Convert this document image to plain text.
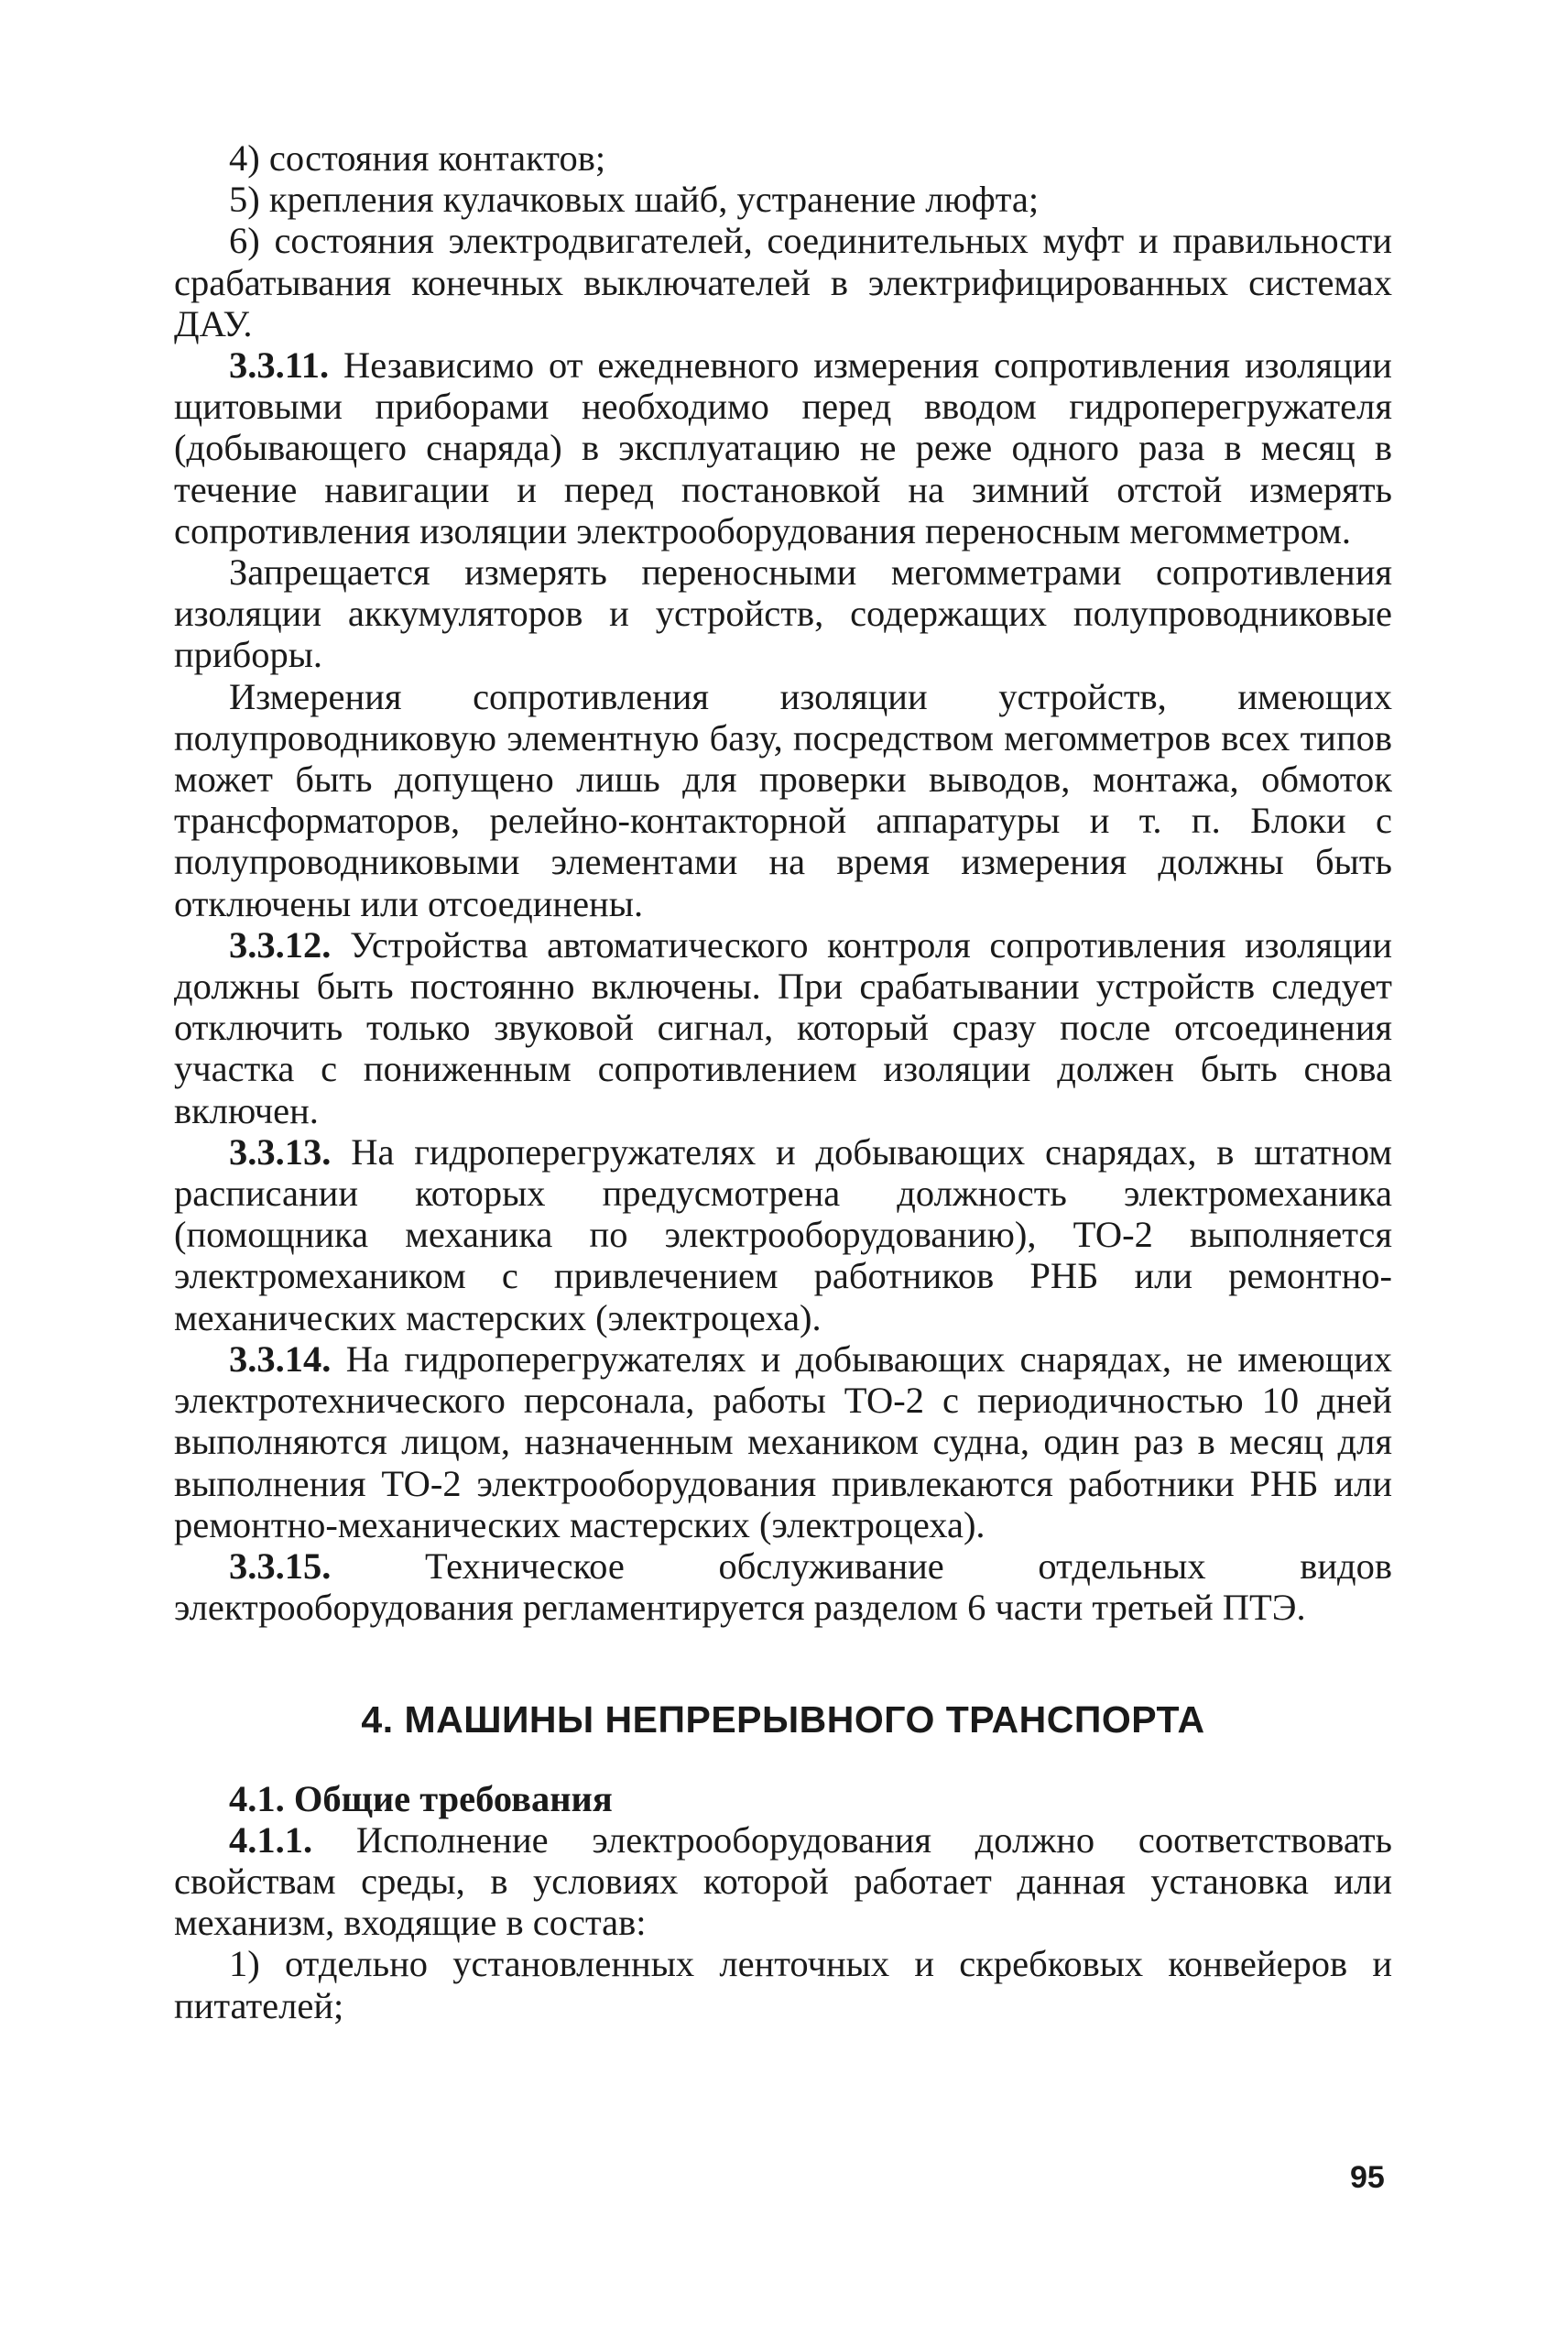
4) состояния контактов;

5) крепления кулачковых шайб, устранение люфта;

6) состояния электродвигателей, соединительных муфт и правильности срабатывания конечных выключателей в электрифицированных системах ДАУ.

3.3.11. Независимо от ежедневного измерения сопротивления изоляции щитовыми приборами необходимо перед вводом гидроперегружателя (добывающего снаряда) в эксплуатацию не реже одного раза в месяц в течение навигации и перед постановкой на зимний отстой измерять сопротивления изоляции электрооборудования переносным мегомметром.

Запрещается измерять переносными мегомметрами сопротивления изоляции аккумуляторов и устройств, содержащих полупроводниковые приборы.

Измерения сопротивления изоляции устройств, имеющих полупроводниковую элементную базу, посредством мегомметров всех типов может быть допущено лишь для проверки выводов, монтажа, обмоток трансформаторов, релейно-контакторной аппаратуры и т. п. Блоки с полупроводниковыми элементами на время измерения должны быть отключены или отсоединены.

3.3.12. Устройства автоматического контроля сопротивления изоляции должны быть постоянно включены. При срабатывании устройств следует отключить только звуковой сигнал, который сразу после отсоединения участка с пониженным сопротивлением изоляции должен быть снова включен.

3.3.13. На гидроперегружателях и добывающих снарядах, в штатном расписании которых предусмотрена должность электромеханика (помощника механика по электрооборудованию), ТО-2 выполняется электромехаником с привлечением работников РНБ или ремонтно-механических мастерских (электроцеха).

3.3.14. На гидроперегружателях и добывающих снарядах, не имеющих электротехнического персонала, работы ТО-2 с периодичностью 10 дней выполняются лицом, назначенным механиком судна, один раз в месяц для выполнения ТО-2 электрооборудования привлекаются работники РНБ или ремонтно-механических мастерских (электроцеха).

3.3.15. Техническое обслуживание отдельных видов электрооборудования регламентируется разделом 6 части третьей ПТЭ.

4. МАШИНЫ НЕПРЕРЫВНОГО ТРАНСПОРТА

4.1. Общие требования

4.1.1. Исполнение электрооборудования должно соответствовать свойствам среды, в условиях которой работает данная установка или механизм, входящие в состав:

1) отдельно установленных ленточных и скребковых конвейеров и питателей;

95
